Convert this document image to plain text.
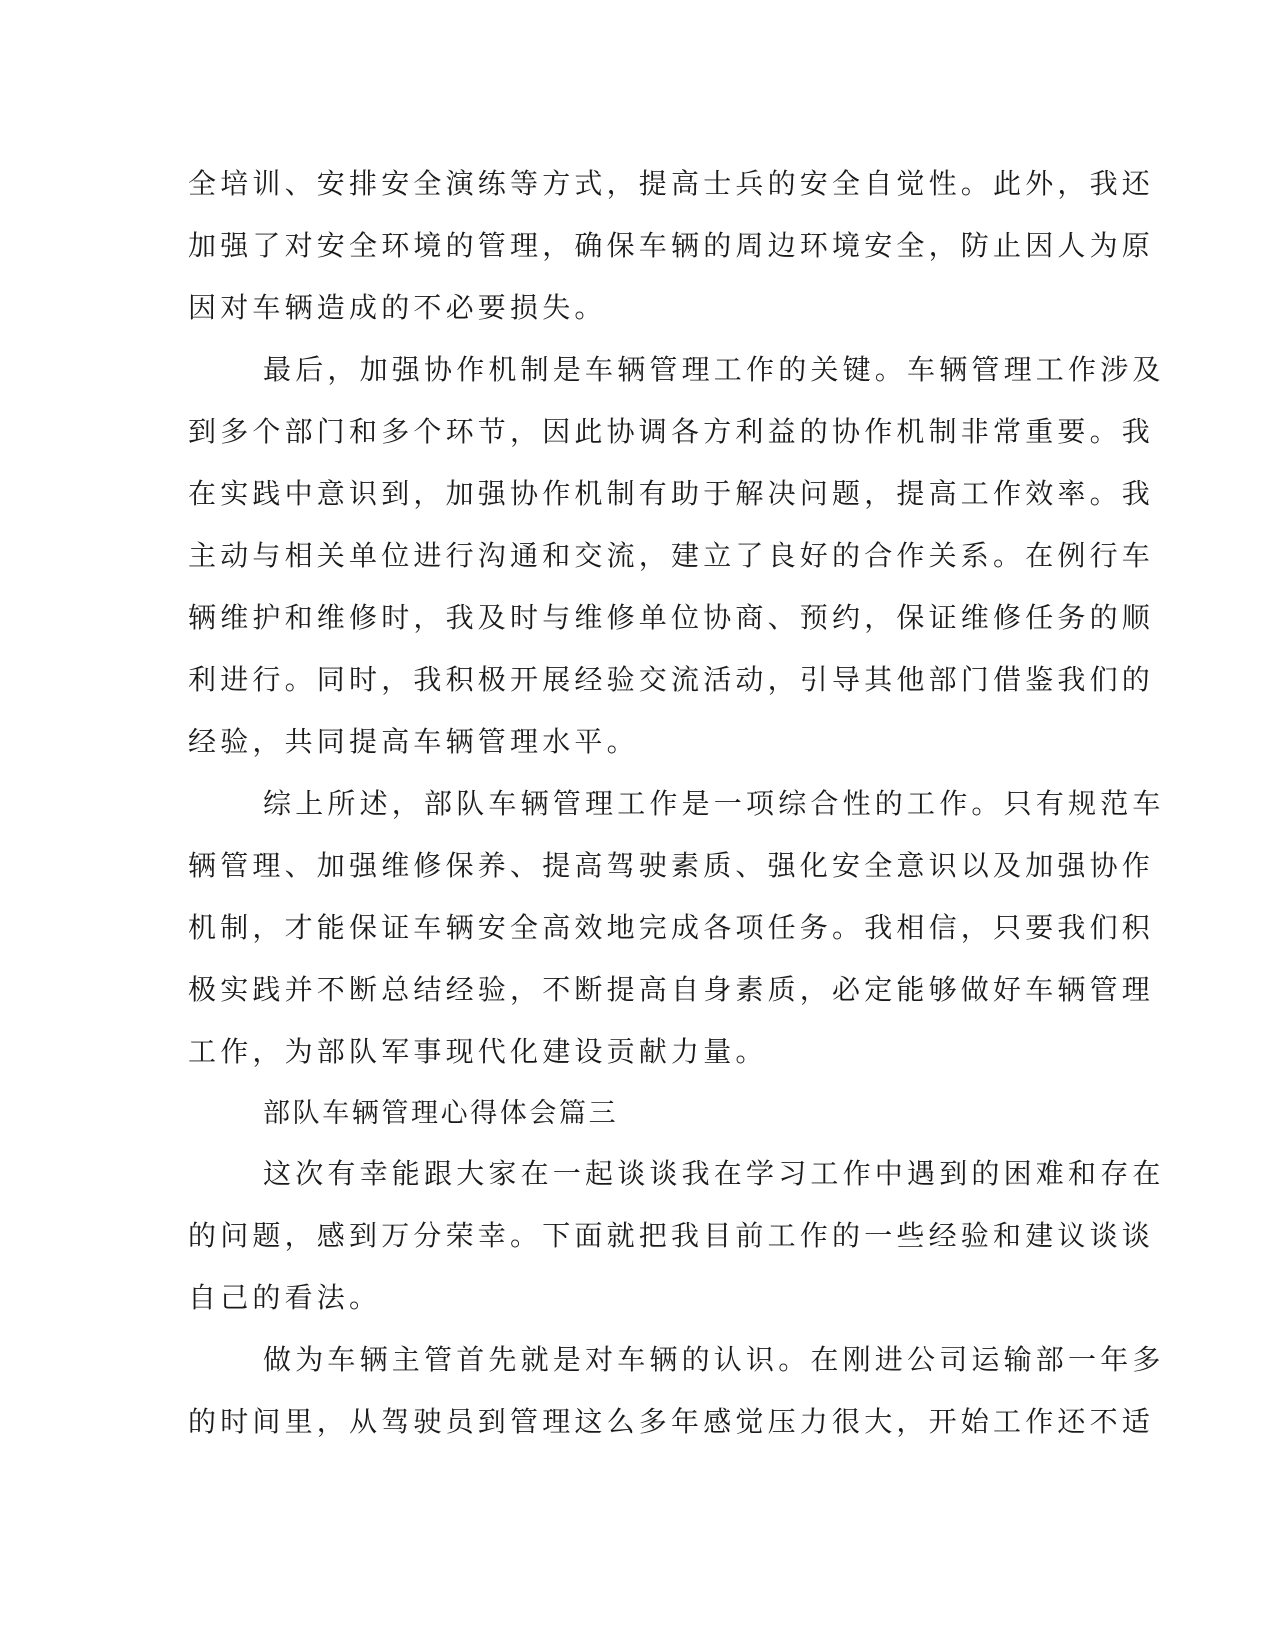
全培训、安排安全演练等方式，提高士兵的安全自觉性。此外，我还

加强了对安全环境的管理，确保车辆的周边环境安全，防止因人为原

因对车辆造成的不必要损失。

最后，加强协作机制是车辆管理工作的关键。车辆管理工作涉及

到多个部门和多个环节，因此协调各方利益的协作机制非常重要。我

在实践中意识到，加强协作机制有助于解决问题，提高工作效率。我

主动与相关单位进行沟通和交流，建立了良好的合作关系。在例行车

辆维护和维修时，我及时与维修单位协商、预约，保证维修任务的顺

利进行。同时，我积极开展经验交流活动，引导其他部门借鉴我们的

经验，共同提高车辆管理水平。

综上所述，部队车辆管理工作是一项综合性的工作。只有规范车

辆管理、加强维修保养、提高驾驶素质、强化安全意识以及加强协作

机制，才能保证车辆安全高效地完成各项任务。我相信，只要我们积

极实践并不断总结经验，不断提高自身素质，必定能够做好车辆管理

工作，为部队军事现代化建设贡献力量。

部队车辆管理心得体会篇三

这次有幸能跟大家在一起谈谈我在学习工作中遇到的困难和存在

的问题，感到万分荣幸。下面就把我目前工作的一些经验和建议谈谈

自己的看法。

做为车辆主管首先就是对车辆的认识。在刚进公司运输部一年多

的时间里，从驾驶员到管理这么多年感觉压力很大，开始工作还不适
